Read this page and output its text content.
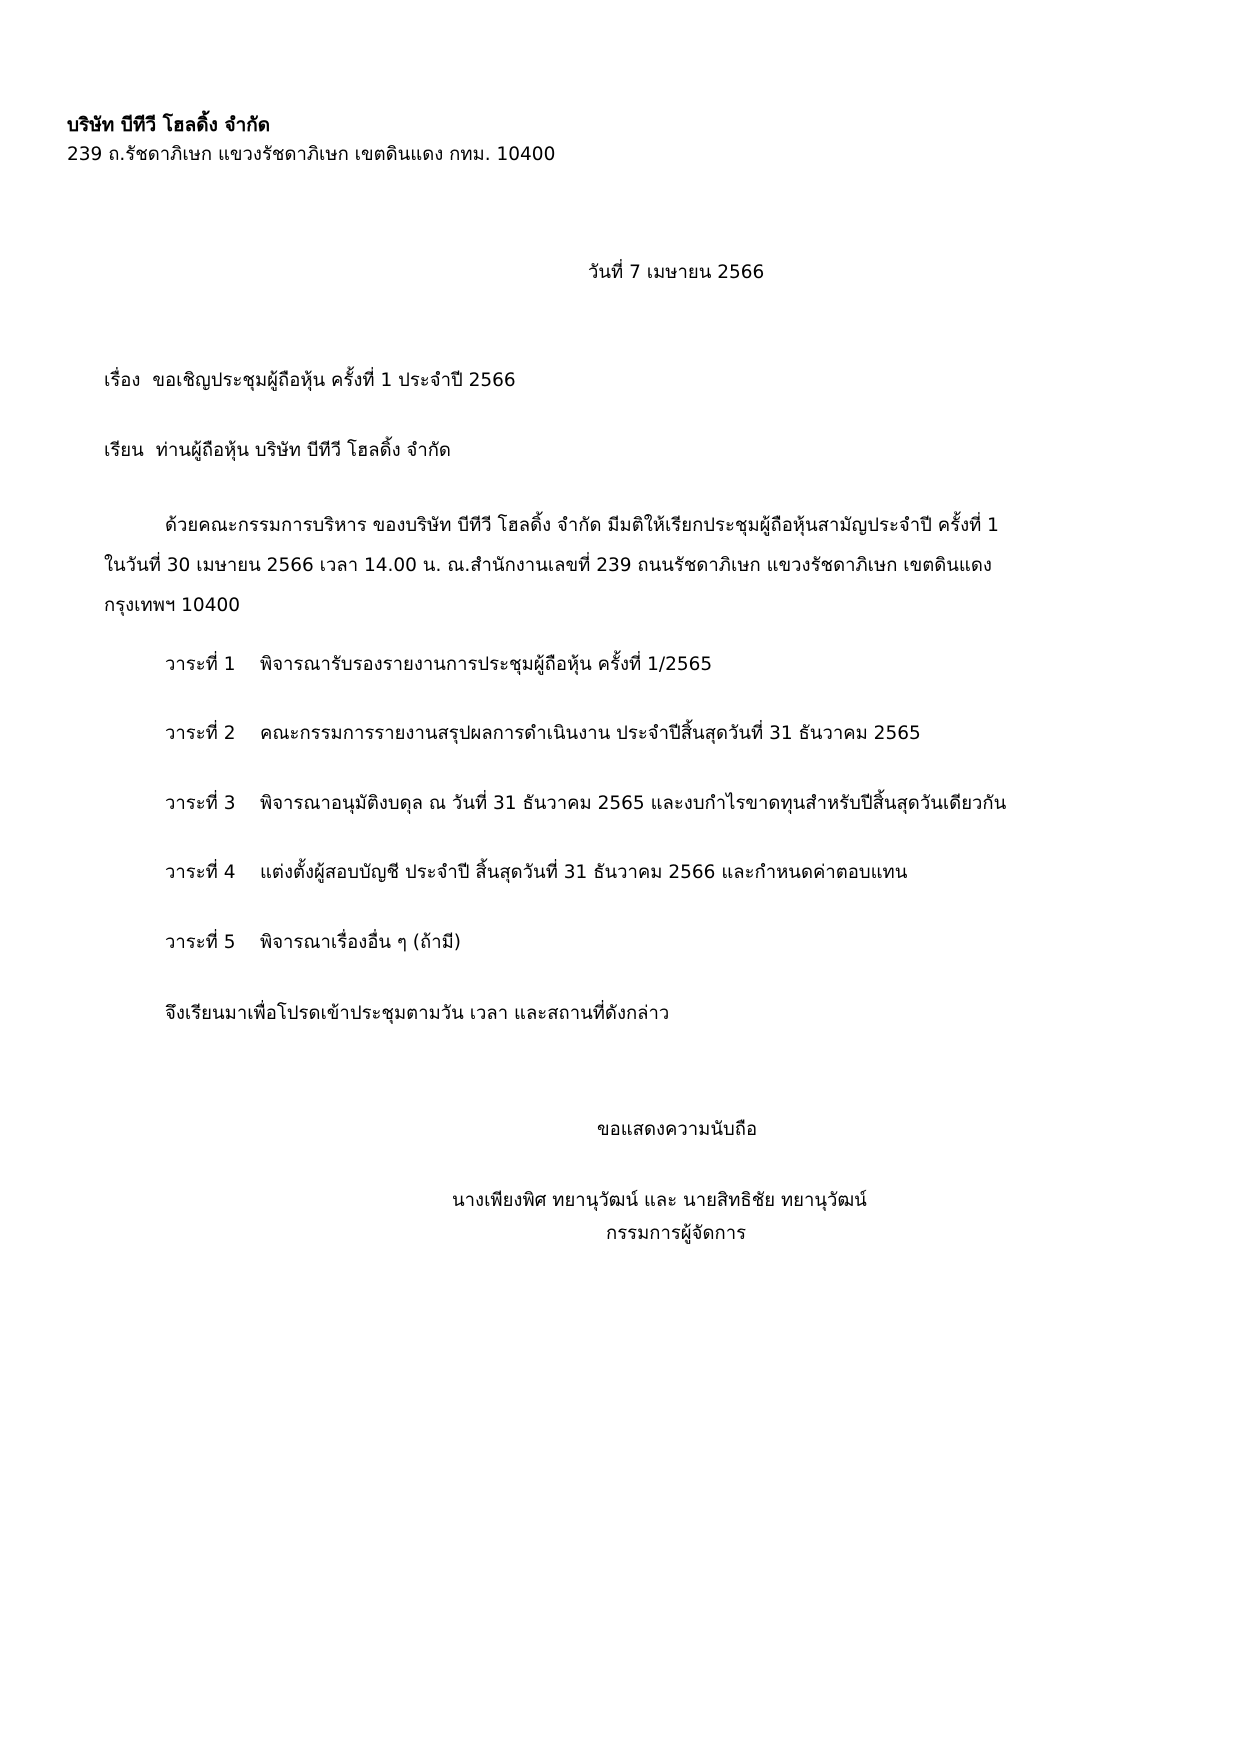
บริษัท บีทีวี โฮลดิ้ง จำกัด
239 ถ.รัชดาภิเษก แขวงรัชดาภิเษก เขตดินแดง กทม. 10400
วันที่ 7 เมษายน 2566
เรื่อง ขอเชิญประชุมผู้ถือหุ้น ครั้งที่ 1 ประจำปี 2566
เรียน ท่านผู้ถือหุ้น บริษัท บีทีวี โฮลดิ้ง จำกัด
ด้วยคณะกรรมการบริหาร ของบริษัท บีทีวี โฮลดิ้ง จำกัด มีมติให้เรียกประชุมผู้ถือหุ้นสามัญประจำปี ครั้งที่ 1
ในวันที่ 30 เมษายน 2566 เวลา 14.00 น. ณ.สำนักงานเลขที่ 239 ถนนรัชดาภิเษก แขวงรัชดาภิเษก เขตดินแดง
กรุงเทพฯ 10400
วาระที่ 1 พิจารณารับรองรายงานการประชุมผู้ถือหุ้น ครั้งที่ 1/2565
วาระที่ 2 คณะกรรมการรายงานสรุปผลการดำเนินงาน ประจำปีสิ้นสุดวันที่ 31 ธันวาคม 2565
วาระที่ 3 พิจารณาอนุมัติงบดุล ณ วันที่ 31 ธันวาคม 2565 และงบกำไรขาดทุนสำหรับปีสิ้นสุดวันเดียวกัน
วาระที่ 4 แต่งตั้งผู้สอบบัญชี ประจำปี สิ้นสุดวันที่ 31 ธันวาคม 2566 และกำหนดค่าตอบแทน
วาระที่ 5 พิจารณาเรื่องอื่น ๆ (ถ้ามี)
จึงเรียนมาเพื่อโปรดเข้าประชุมตามวัน เวลา และสถานที่ดังกล่าว
ขอแสดงความนับถือ
นางเพียงพิศ ทยานุวัฒน์ และ นายสิทธิชัย ทยานุวัฒน์
กรรมการผู้จัดการ
